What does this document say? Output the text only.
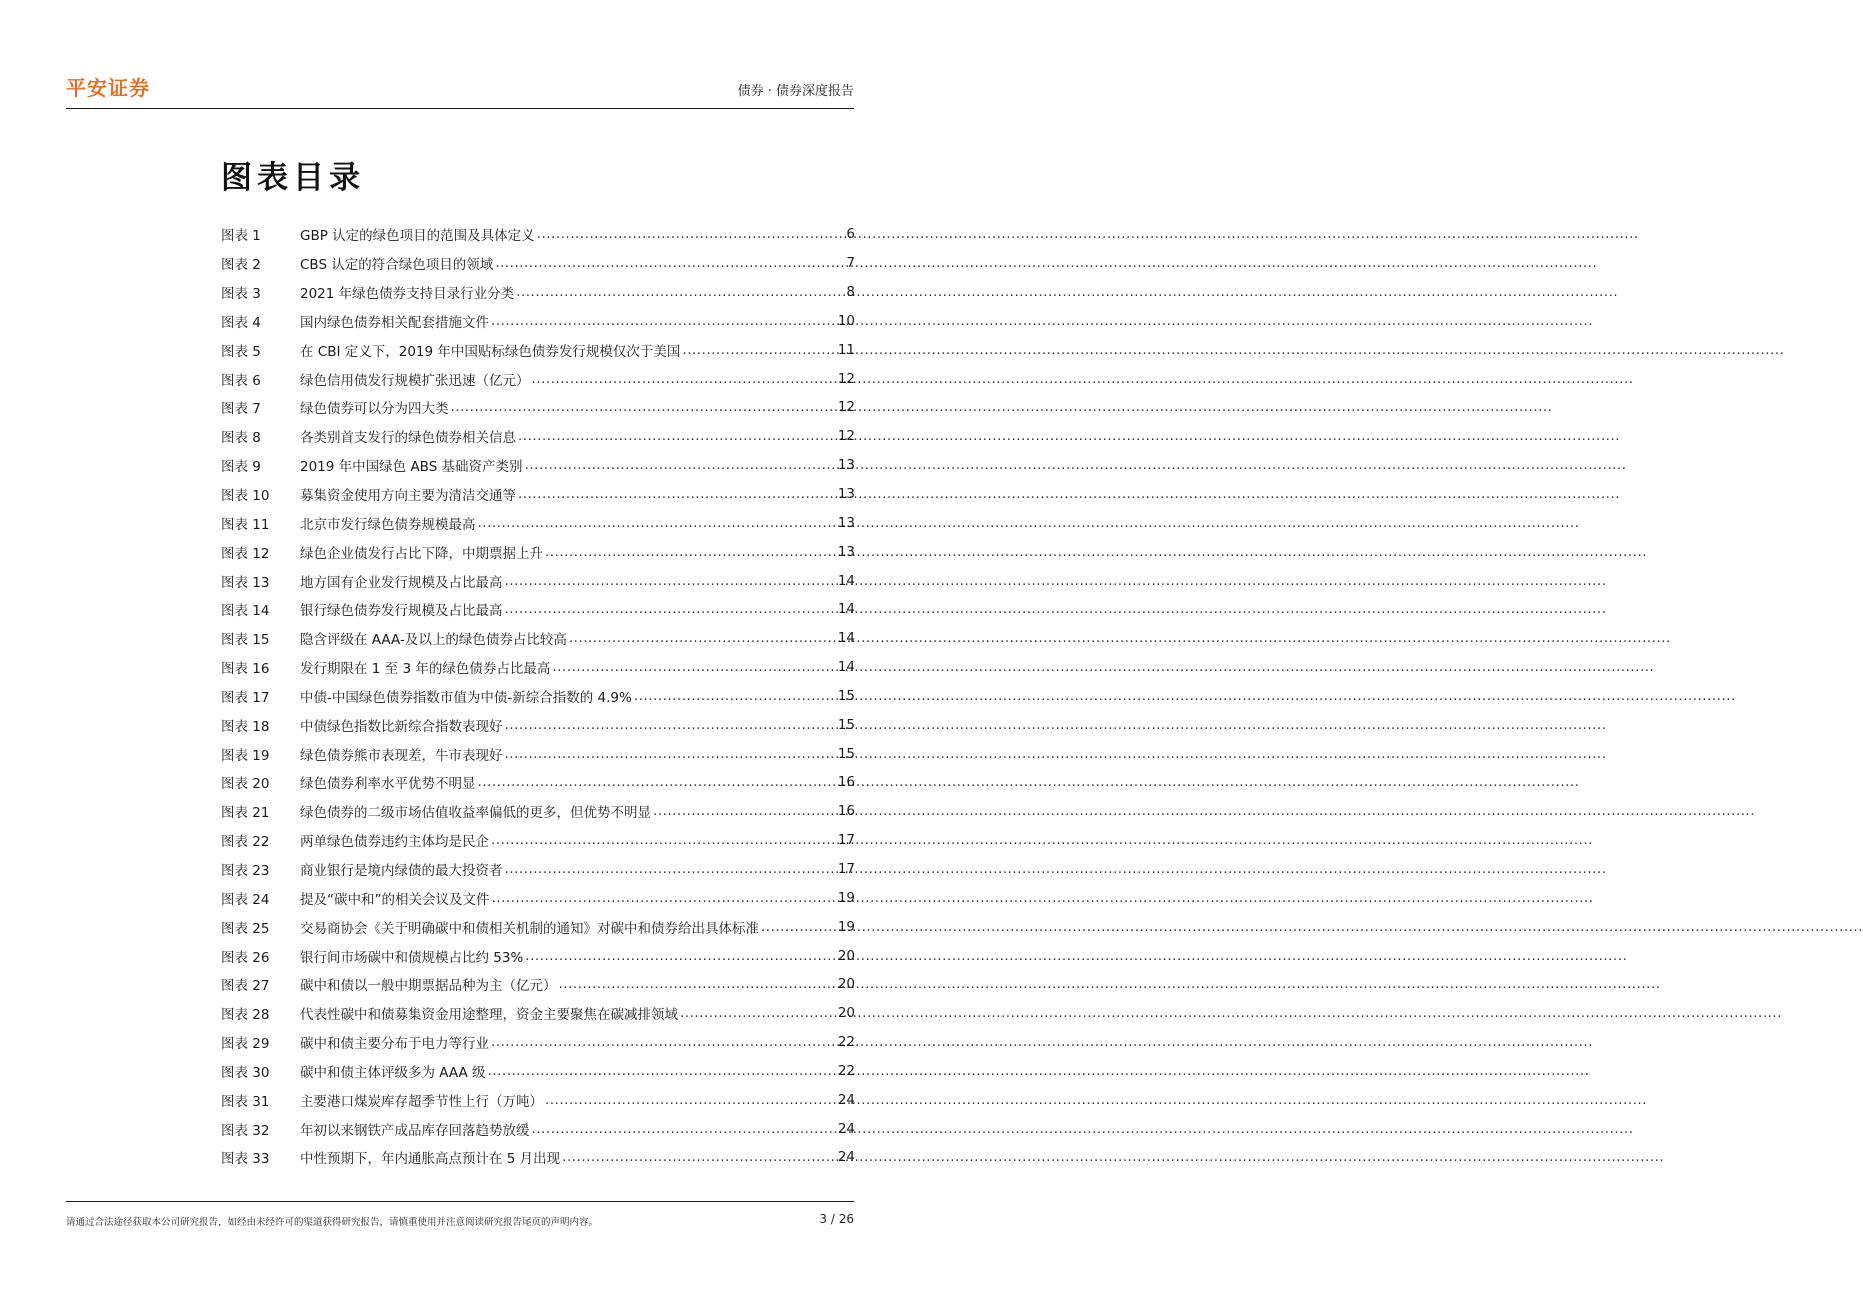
平安证券	债券 · 债券深度报告
图表目录
图表 1	GBP 认定的绿色项目的范围及具体定义 .....	6
图表 2	CBS 认定的符合绿色项目的领域 .....	7
图表 3	2021 年绿色债券支持目录行业分类 .....	8
图表 4	国内绿色债券相关配套措施文件 .....	10
图表 5	在 CBI 定义下，2019 年中国贴标绿色债券发行规模仅次于美国 .....	11
图表 6	绿色信用债发行规模扩张迅速（亿元） .....	12
图表 7	绿色债券可以分为四大类 .....	12
图表 8	各类别首支发行的绿色债券相关信息 .....	12
图表 9	2019 年中国绿色 ABS 基础资产类别 .....	13
图表 10	募集资金使用方向主要为清洁交通等 .....	13
图表 11	北京市发行绿色债券规模最高 .....	13
图表 12	绿色企业债发行占比下降，中期票据上升 .....	13
图表 13	地方国有企业发行规模及占比最高 .....	14
图表 14	银行绿色债券发行规模及占比最高 .....	14
图表 15	隐含评级在 AAA-及以上的绿色债券占比较高 .....	14
图表 16	发行期限在 1 至 3 年的绿色债券占比最高 .....	14
图表 17	中债-中国绿色债券指数市值为中债-新综合指数的 4.9% .....	15
图表 18	中债绿色指数比新综合指数表现好 .....	15
图表 19	绿色债券熊市表现差，牛市表现好 .....	15
图表 20	绿色债券利率水平优势不明显 .....	16
图表 21	绿色债券的二级市场估值收益率偏低的更多，但优势不明显 .....	16
图表 22	两单绿色债券违约主体均是民企 .....	17
图表 23	商业银行是境内绿债的最大投资者 .....	17
图表 24	提及“碳中和”的相关会议及文件 .....	19
图表 25	交易商协会《关于明确碳中和债相关机制的通知》对碳中和债券给出具体标准 .....	19
图表 26	银行间市场碳中和债规模占比约 53% .....	20
图表 27	碳中和债以一般中期票据品种为主（亿元） .....	20
图表 28	代表性碳中和债募集资金用途整理，资金主要聚焦在碳减排领域 .....	20
图表 29	碳中和债主要分布于电力等行业 .....	22
图表 30	碳中和债主体评级多为 AAA 级 .....	22
图表 31	主要港口煤炭库存超季节性上行（万吨） .....	24
图表 32	年初以来钢铁产成品库存回落趋势放缓 .....	24
图表 33	中性预期下，年内通胀高点预计在 5 月出现 .....	24
请通过合法途径获取本公司研究报告，如经由未经许可的渠道获得研究报告，请慎重使用并注意阅读研究报告尾页的声明内容。	3 / 26
